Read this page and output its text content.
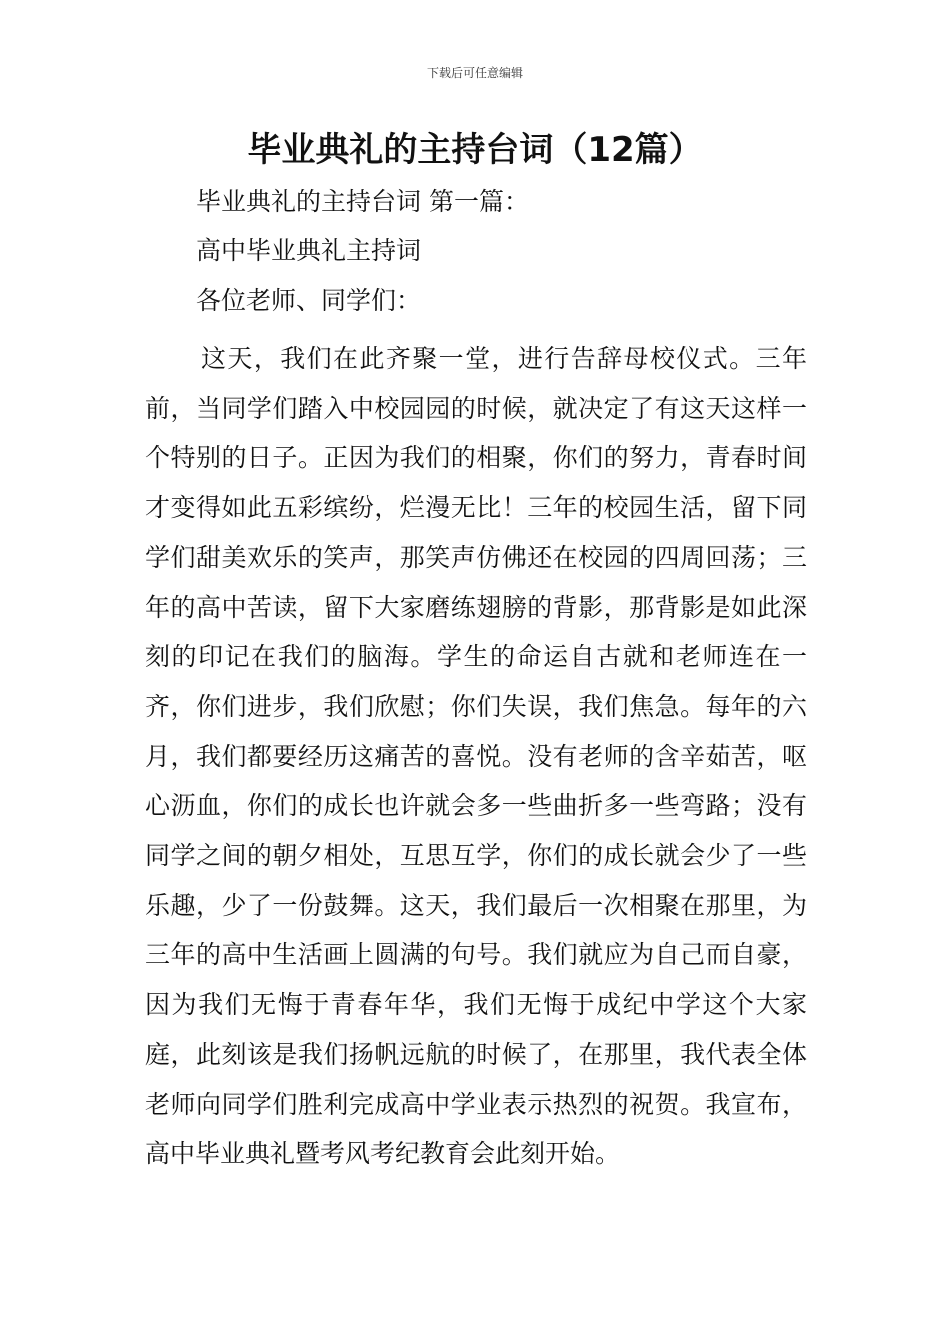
下载后可任意编辑
毕业典礼的主持台词（12篇）
毕业典礼的主持台词 第一篇：
高中毕业典礼主持词
各位老师、同学们：

这天，我们在此齐聚一堂，进行告辞母校仪式。三年前，当同学们踏入中校园园的时候，就决定了有这天这样一个特别的日子。正因为我们的相聚，你们的努力，青春时间才变得如此五彩缤纷，烂漫无比！三年的校园生活，留下同学们甜美欢乐的笑声，那笑声仿佛还在校园的四周回荡；三年的高中苦读，留下大家磨练翅膀的背影，那背影是如此深刻的印记在我们的脑海。学生的命运自古就和老师连在一齐，你们进步，我们欣慰；你们失误，我们焦急。每年的六月，我们都要经历这痛苦的喜悦。没有老师的含辛茹苦，呕心沥血，你们的成长也许就会多一些曲折多一些弯路；没有同学之间的朝夕相处，互思互学，你们的成长就会少了一些乐趣，少了一份鼓舞。这天，我们最后一次相聚在那里，为三年的高中生活画上圆满的句号。我们就应为自己而自豪，因为我们无悔于青春年华，我们无悔于成纪中学这个大家庭，此刻该是我们扬帆远航的时候了，在那里，我代表全体老师向同学们胜利完成高中学业表示热烈的祝贺。我宣布，高中毕业典礼暨考风考纪教育会此刻开始。
